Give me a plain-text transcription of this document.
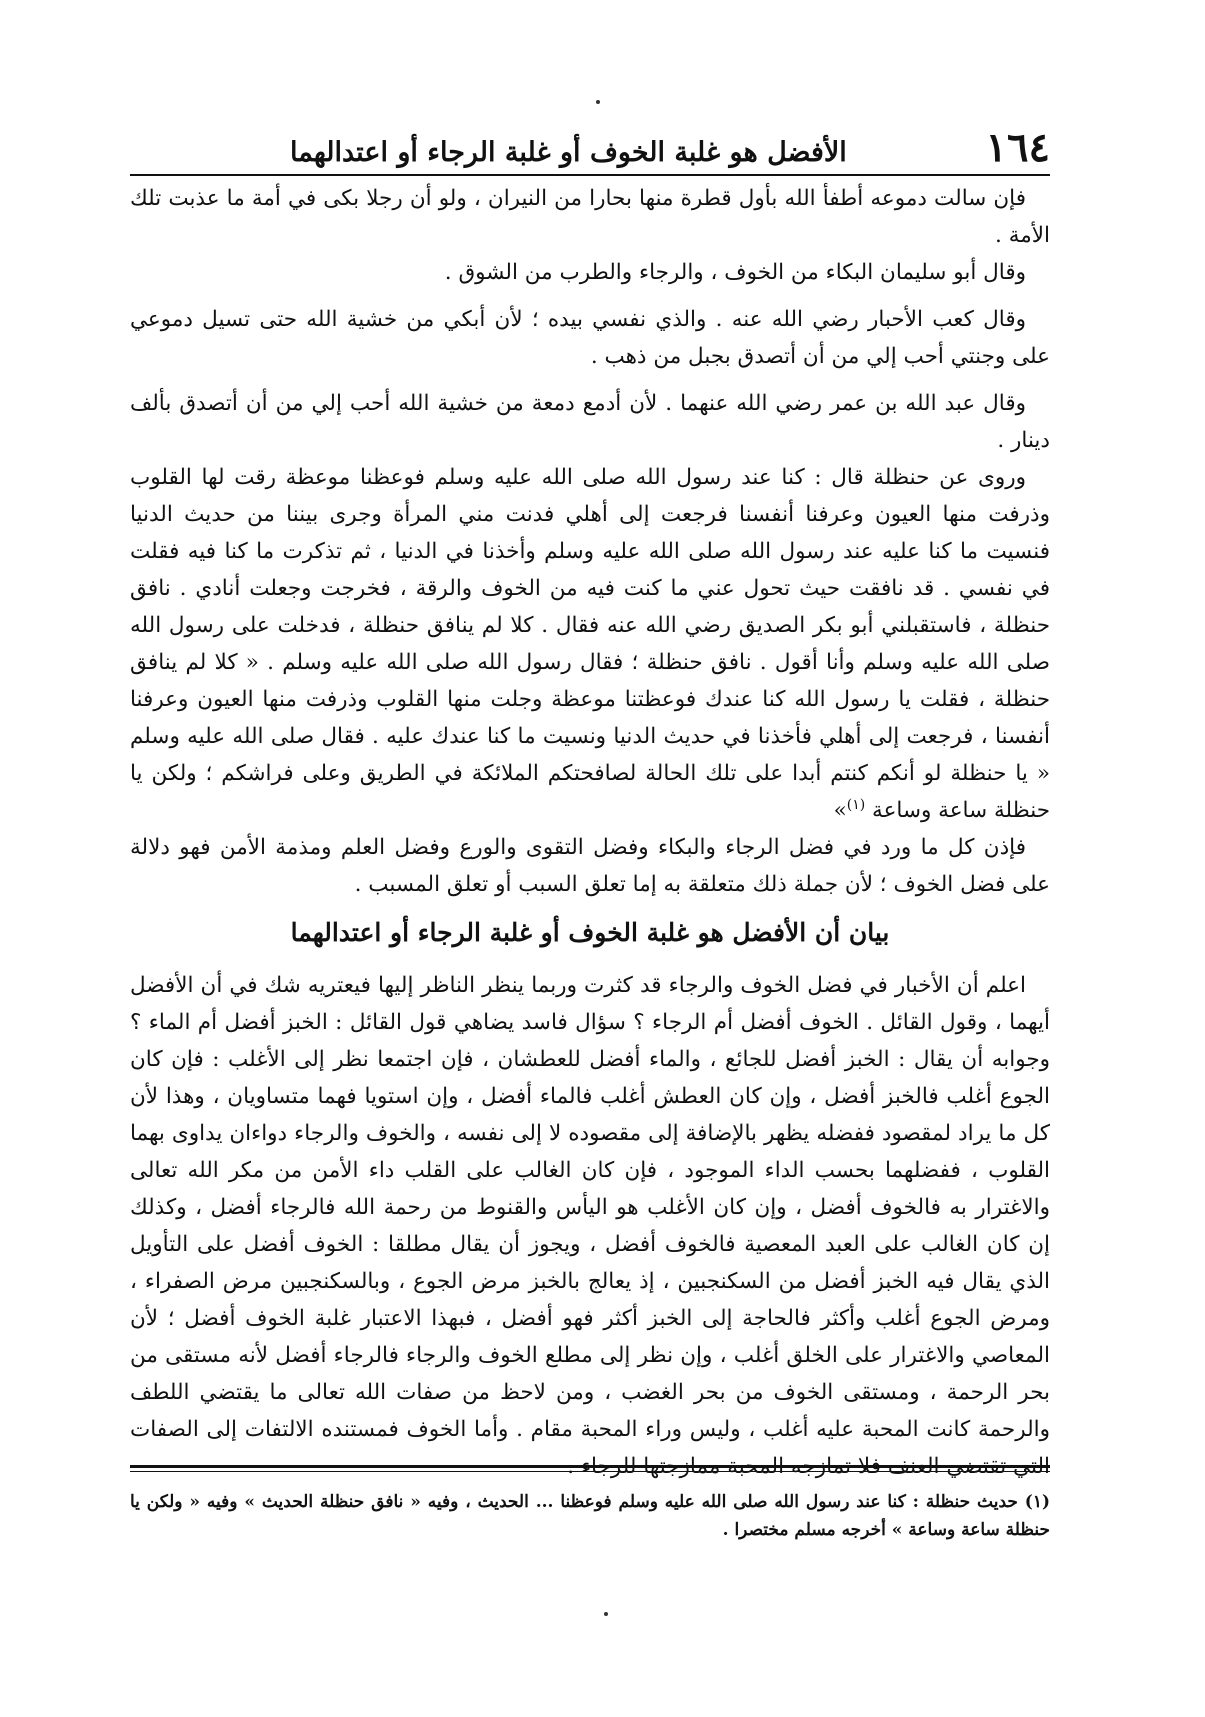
١٦٤
الأفضل هو غلبة الخوف أو غلبة الرجاء أو اعتدالهما

فإن سالت دموعه أطفأ الله بأول قطرة منها بحارا من النيران ، ولو أن رجلا بكى في أمة ما عذبت تلك الأمة .

وقال أبو سليمان البكاء من الخوف ، والرجاء والطرب من الشوق .

وقال كعب الأحبار رضي الله عنه . والذي نفسي بيده ؛ لأن أبكي من خشية الله حتى تسيل دموعي على وجنتي أحب إلي من أن أتصدق بجبل من ذهب .

وقال عبد الله بن عمر رضي الله عنهما . لأن أدمع دمعة من خشية الله أحب إلي من أن أتصدق بألف دينار .

وروى عن حنظلة قال : كنا عند رسول الله صلى الله عليه وسلم فوعظنا موعظة رقت لها القلوب وذرفت منها العيون وعرفنا أنفسنا فرجعت إلى أهلي فدنت مني المرأة وجرى بيننا من حديث الدنيا فنسيت ما كنا عليه عند رسول الله صلى الله عليه وسلم وأخذنا في الدنيا ، ثم تذكرت ما كنا فيه فقلت في نفسي . قد نافقت حيث تحول عني ما كنت فيه من الخوف والرقة ، فخرجت وجعلت أنادي . نافق حنظلة ، فاستقبلني أبو بكر الصديق رضي الله عنه فقال . كلا لم ينافق حنظلة ، فدخلت على رسول الله صلى الله عليه وسلم وأنا أقول . نافق حنظلة ؛ فقال رسول الله صلى الله عليه وسلم . « كلا لم ينافق حنظلة ، فقلت يا رسول الله كنا عندك فوعظتنا موعظة وجلت منها القلوب وذرفت منها العيون وعرفنا أنفسنا ، فرجعت إلى أهلي فأخذنا في حديث الدنيا ونسيت ما كنا عندك عليه . فقال صلى الله عليه وسلم « يا حنظلة لو أنكم كنتم أبدا على تلك الحالة لصافحتكم الملائكة في الطريق وعلى فراشكم ؛ ولكن يا حنظلة ساعة وساعة $^{(١)}$»

فإذن كل ما ورد في فضل الرجاء والبكاء وفضل التقوى والورع وفضل العلم ومذمة الأمن فهو دلالة على فضل الخوف ؛ لأن جملة ذلك متعلقة به إما تعلق السبب أو تعلق المسبب .

بيان أن الأفضل هو غلبة الخوف أو غلبة الرجاء أو اعتدالهما

اعلم أن الأخبار في فضل الخوف والرجاء قد كثرت وربما ينظر الناظر إليها فيعتريه شك في أن الأفضل أيهما ، وقول القائل . الخوف أفضل أم الرجاء ؟ سؤال فاسد يضاهي قول القائل : الخبز أفضل أم الماء ؟ وجوابه أن يقال : الخبز أفضل للجائع ، والماء أفضل للعطشان ، فإن اجتمعا نظر إلى الأغلب : فإن كان الجوع أغلب فالخبز أفضل ، وإن كان العطش أغلب فالماء أفضل ، وإن استويا فهما متساويان ، وهذا لأن كل ما يراد لمقصود ففضله يظهر بالإضافة إلى مقصوده لا إلى نفسه ، والخوف والرجاء دواءان يداوى بهما القلوب ، ففضلهما بحسب الداء الموجود ، فإن كان الغالب على القلب داء الأمن من مكر الله تعالى والاغترار به فالخوف أفضل ، وإن كان الأغلب هو اليأس والقنوط من رحمة الله فالرجاء أفضل ، وكذلك إن كان الغالب على العبد المعصية فالخوف أفضل ، ويجوز أن يقال مطلقا : الخوف أفضل على التأويل الذي يقال فيه الخبز أفضل من السكنجبين ، إذ يعالج بالخبز مرض الجوع ، وبالسكنجبين مرض الصفراء ، ومرض الجوع أغلب وأكثر فالحاجة إلى الخبز أكثر فهو أفضل ، فبهذا الاعتبار غلبة الخوف أفضل ؛ لأن المعاصي والاغترار على الخلق أغلب ، وإن نظر إلى مطلع الخوف والرجاء فالرجاء أفضل لأنه مستقى من بحر الرحمة ، ومستقى الخوف من بحر الغضب ، ومن لاحظ من صفات الله تعالى ما يقتضي اللطف والرحمة كانت المحبة عليه أغلب ، وليس وراء المحبة مقام . وأما الخوف فمستنده الالتفات إلى الصفات التي تقتضي العنف فلا تمازجه المحبة ممازجتها للرجاء .

(١) حديث حنظلة : كنا عند رسول الله صلى الله عليه وسلم فوعظنا ... الحديث ، وفيه « نافق حنظلة الحديث » وفيه « ولكن يا حنظلة ساعة وساعة » أخرجه مسلم مختصرا .
